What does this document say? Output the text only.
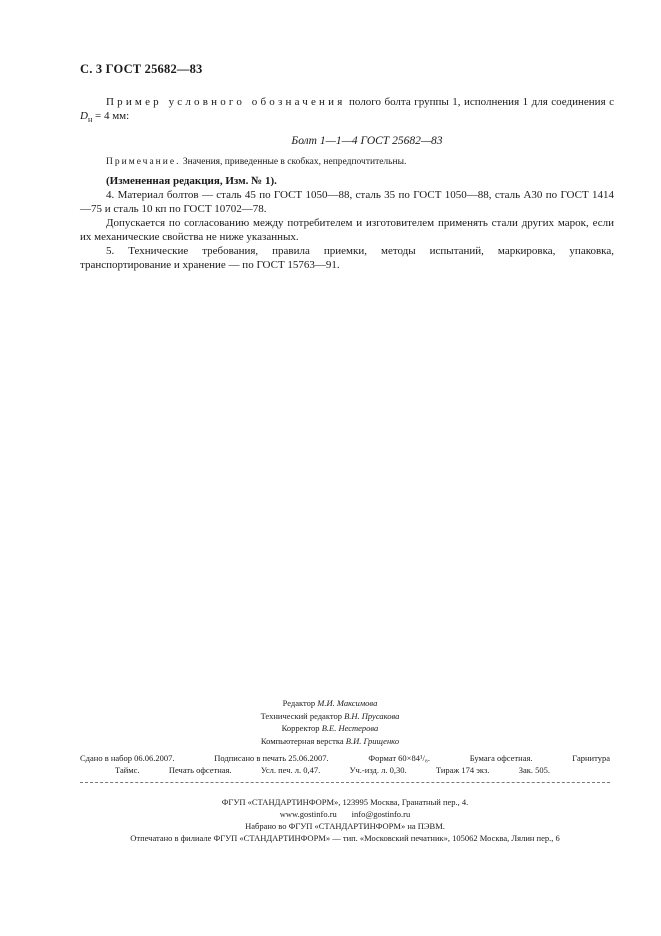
С. 3 ГОСТ 25682—83

Пример условного обозначения полого болта группы 1, исполнения 1 для соединения с $D_н = 4$ мм:

Болт 1—1—4 ГОСТ 25682—83

Примечание. Значения, приведенные в скобках, непредпочтительны.

(Измененная редакция, Изм. № 1).

4. Материал болтов — сталь 45 по ГОСТ 1050—88, сталь 35 по ГОСТ 1050—88, сталь А30 по ГОСТ 1414—75 и сталь 10 кп по ГОСТ 10702—78.

Допускается по согласованию между потребителем и изготовителем применять стали других марок, если их механические свойства не ниже указанных.

5. Технические требования, правила приемки, методы испытаний, маркировка, упаковка, транспортирование и хранение — по ГОСТ 15763—91.

Редактор М.И. Максимова
Технический редактор В.Н. Прусакова
Корректор В.Е. Нестерова
Компьютерная верстка В.И. Грищенко
Сдано в набор 06.06.2007.	Подписано в печать 25.06.2007.	Формат 60×84¹/₈.	Бумага офсетная.	Гарнитура
Таймс.	Печать офсетная.	Усл. печ. л. 0,47.	Уч.-изд. л. 0,30.	Тираж 174 экз.	Зак. 505.
ФГУП «СТАНДАРТИНФОРМ», 123995 Москва, Гранатный пер., 4.
www.gostinfo.ru info@gostinfo.ru
Набрано во ФГУП «СТАНДАРТИНФОРМ» на ПЭВМ.
Отпечатано в филиале ФГУП «СТАНДАРТИНФОРМ» — тип. «Московский печатник», 105062 Москва, Лялин пер., 6
